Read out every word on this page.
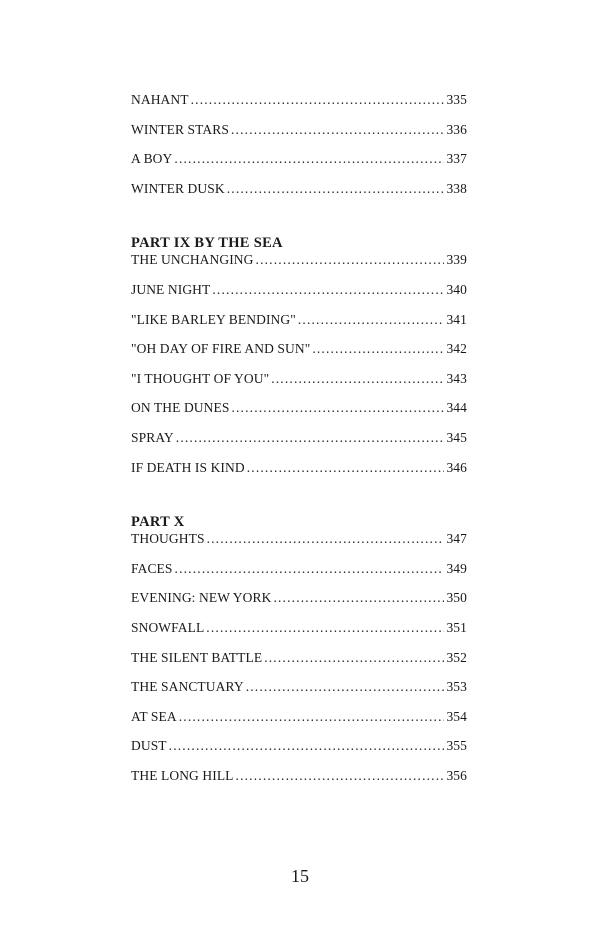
NAHANT . . .	335
WINTER STARS . . .	336
A BOY . . .	337
WINTER DUSK . . .	338
PART IX BY THE SEA
THE UNCHANGING . . .	339
JUNE NIGHT . . .	340
"LIKE BARLEY BENDING" . . .	341
"OH DAY OF FIRE AND SUN" . . .	342
"I THOUGHT OF YOU" . . .	343
ON THE DUNES . . .	344
SPRAY . . .	345
IF DEATH IS KIND . . .	346
PART X
THOUGHTS . . .	347
FACES . . .	349
EVENING: NEW YORK . . .	350
SNOWFALL . . .	351
THE SILENT BATTLE . . .	352
THE SANCTUARY . . .	353
AT SEA . . .	354
DUST . . .	355
THE LONG HILL . . .	356
15
